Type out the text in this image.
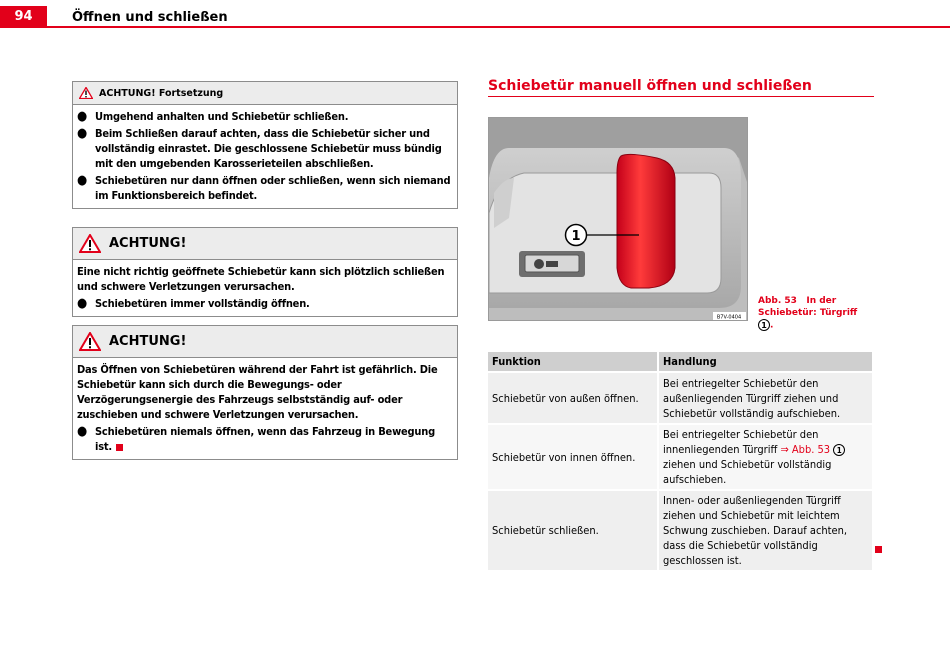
94	Öffnen und schließen
ACHTUNG! Fortsetzung
● Umgehend anhalten und Schiebetür schließen.
● Beim Schließen darauf achten, dass die Schiebetür sicher und vollständig einrastet. Die geschlossene Schiebetür muss bündig mit den umgebenden Karosserieteilen abschließen.
● Schiebetüren nur dann öffnen oder schließen, wenn sich niemand im Funktionsbereich befindet.
ACHTUNG!

Eine nicht richtig geöffnete Schiebetür kann sich plötzlich schließen und schwere Verletzungen verursachen.

● Schiebetüren immer vollständig öffnen.
ACHTUNG!

Das Öffnen von Schiebetüren während der Fahrt ist gefährlich. Die Schiebetür kann sich durch die Bewegungs- oder Verzögerungsenergie des Fahrzeugs selbstständig auf- oder zuschieben und schwere Verletzungen verursachen.

● Schiebetüren niemals öffnen, wenn das Fahrzeug in Bewegung ist.
Schiebetür manuell öffnen und schließen
1
B7V-0404
Abb. 53 In der Schiebetür: Türgriff 1 .
Funktion	Handlung
Schiebetür von außen öffnen.	Bei entriegelter Schiebetür den außenliegenden Türgriff ziehen und Schiebetür vollständig aufschieben.
Schiebetür von innen öffnen.	Bei entriegelter Schiebetür den innenliegenden Türgriff ⇒ Abb. 53 1 ziehen und Schiebetür vollständig aufschieben.
Schiebetür schließen.	Innen- oder außenliegenden Türgriff ziehen und Schiebetür mit leichtem Schwung zuschieben. Darauf achten, dass die Schiebetür vollständig geschlossen ist.
